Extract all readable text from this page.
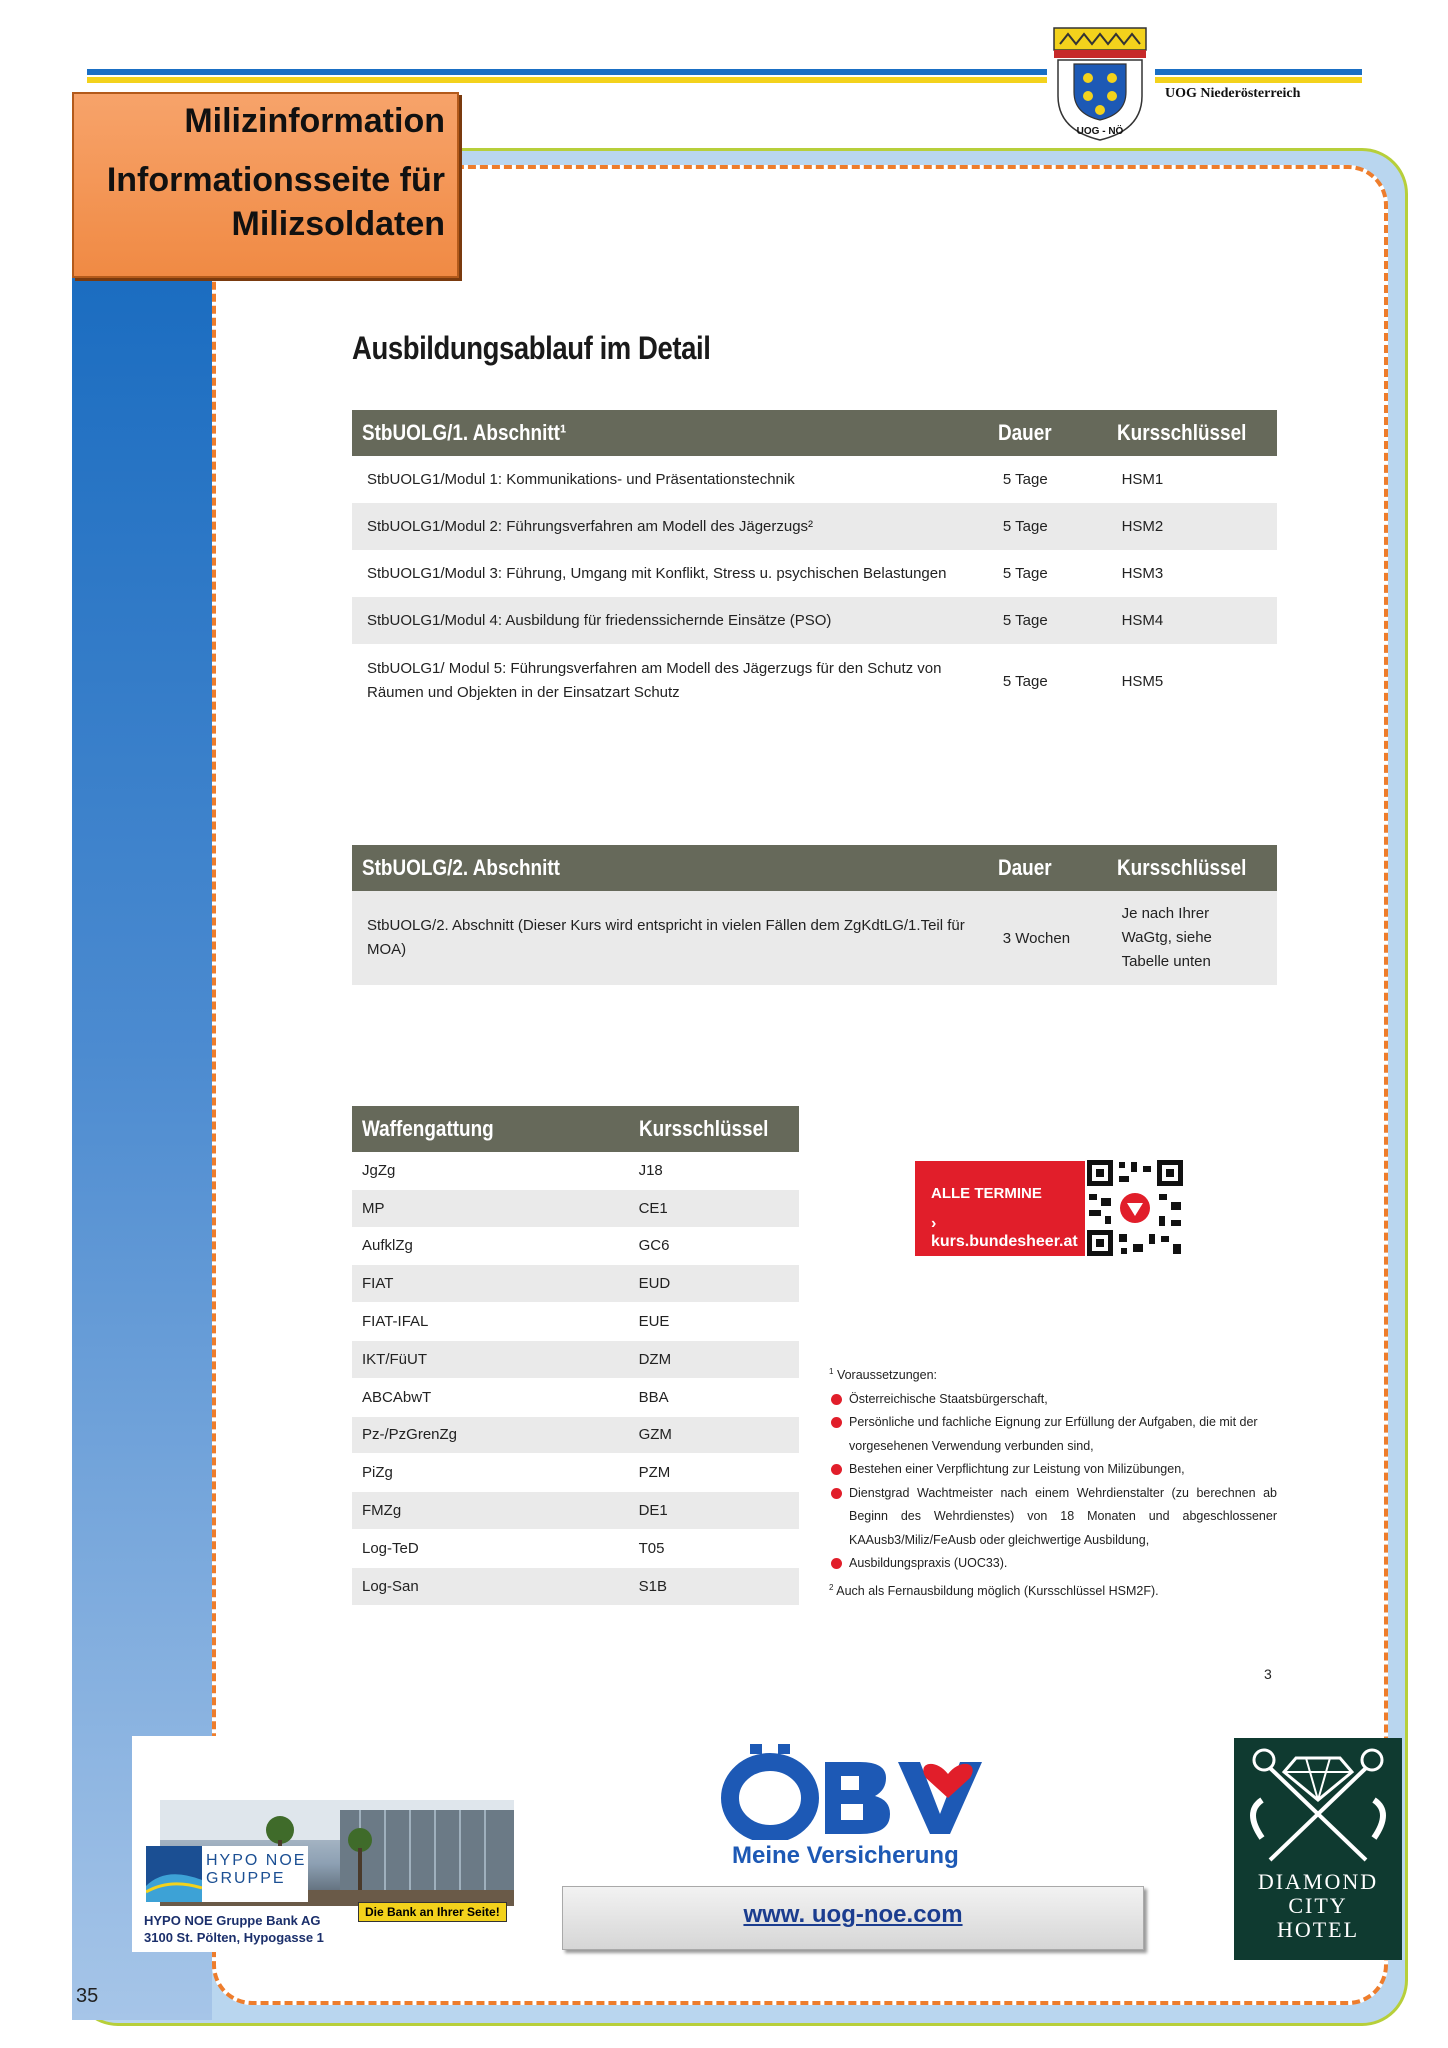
UOG Niederösterreich
UOG - NÖ
Milizinformation
Informationsseite für Milizsoldaten
Ausbildungsablauf im Detail
StbUOLG/1. Abschnitt¹	Dauer	Kursschlüssel
StbUOLG1/Modul 1: Kommunikations- und Präsentationstechnik	5 Tage	HSM1
StbUOLG1/Modul 2: Führungsverfahren am Modell des Jägerzugs²	5 Tage	HSM2
StbUOLG1/Modul 3: Führung, Umgang mit Konflikt, Stress u. psychischen Belastungen	5 Tage	HSM3
StbUOLG1/Modul 4: Ausbildung für friedenssichernde Einsätze (PSO)	5 Tage	HSM4
StbUOLG1/ Modul 5: Führungsverfahren am Modell des Jägerzugs für den Schutz von Räumen und Objekten in der Einsatzart Schutz	5 Tage	HSM5
StbUOLG/2. Abschnitt	Dauer	Kursschlüssel
StbUOLG/2. Abschnitt (Dieser Kurs wird entspricht in vielen Fällen dem ZgKdtLG/1.Teil für MOA)	3 Wochen	Je nach Ihrer WaGtg, siehe Tabelle unten
Waffengattung	Kursschlüssel
JgZg	J18
MP	CE1
AufklZg	GC6
FIAT	EUD
FIAT-IFAL	EUE
IKT/FüUT	DZM
ABCAbwT	BBA
Pz-/PzGrenZg	GZM
PiZg	PZM
FMZg	DE1
Log-TeD	T05
Log-San	S1B
ALLE TERMINE
› kurs.bundesheer.at
$^1$ Voraussetzungen:
Österreichische Staatsbürgerschaft,
Persönliche und fachliche Eignung zur Erfüllung der Aufgaben, die mit der vorgesehenen Verwendung verbunden sind,
Bestehen einer Verpflichtung zur Leistung von Milizübungen,
Dienstgrad Wachtmeister nach einem Wehrdienstalter (zu berechnen ab Beginn des Wehrdienstes) von 18 Monaten und abgeschlossener KAAusb3/Miliz/FeAusb oder gleichwertige Ausbildung,
Ausbildungspraxis (UOC33).
$^2$ Auch als Fernausbildung möglich (Kursschlüssel HSM2F).
3
HYPO NOE
GRUPPE
Die Bank an Ihrer Seite!
HYPO NOE Gruppe Bank AG
3100 St. Pölten, Hypogasse 1
Meine Versicherung
www. uog-noe.com
DIAMOND
CITY
HOTEL
35
